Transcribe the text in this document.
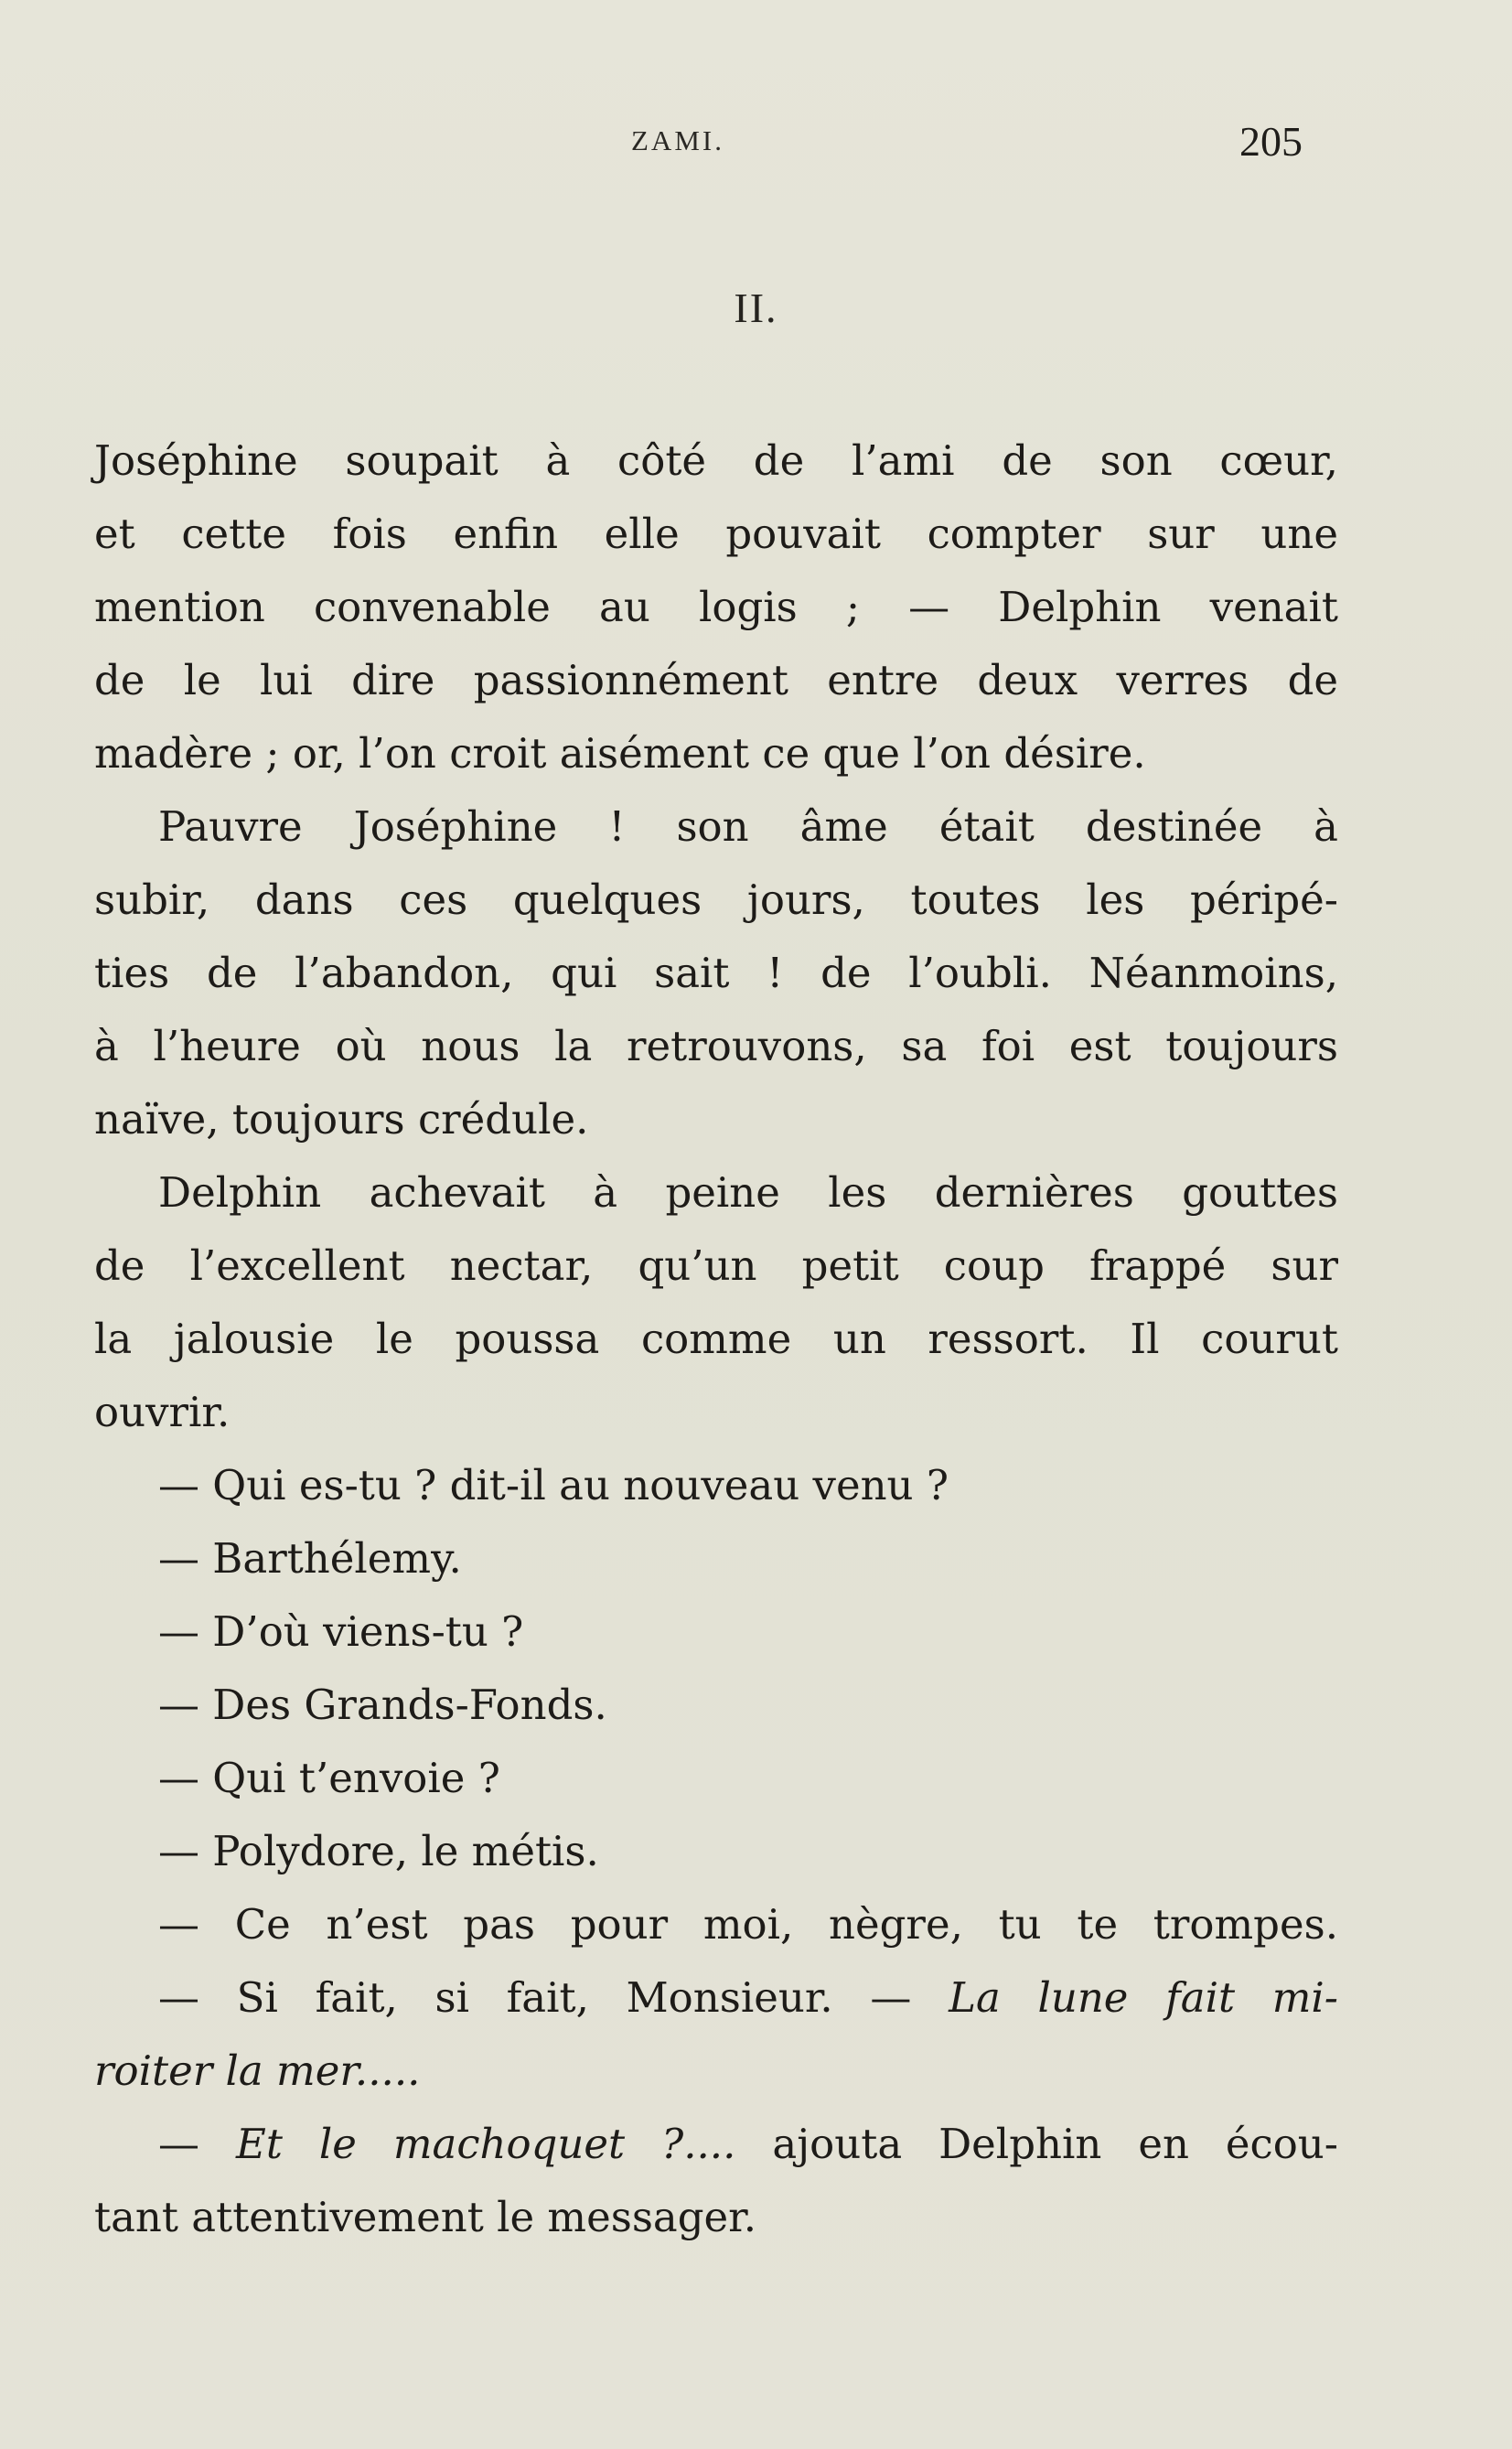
ZAMI.	205
II.
Joséphine soupait à côté de l’ami de son cœur,
et cette fois enfin elle pouvait compter sur une
mention convenable au logis ; — Delphin venait
de le lui dire passionnément entre deux verres de
madère ; or, l’on croit aisément ce que l’on désire.
Pauvre Joséphine ! son âme était destinée à
subir, dans ces quelques jours, toutes les péripé-
ties de l’abandon, qui sait ! de l’oubli. Néanmoins,
à l’heure où nous la retrouvons, sa foi est toujours
naïve, toujours crédule.
Delphin achevait à peine les dernières gouttes
de l’excellent nectar, qu’un petit coup frappé sur
la jalousie le poussa comme un ressort. Il courut
ouvrir.
— Qui es-tu ? dit-il au nouveau venu ?
— Barthélemy.
— D’où viens-tu ?
— Des Grands-Fonds.
— Qui t’envoie ?
— Polydore, le métis.
— Ce n’est pas pour moi, nègre, tu te trompes.
— Si fait, si fait, Monsieur. — La lune fait mi-
roiter la mer.....
— Et le machoquet ?.... ajouta Delphin en écou-
tant attentivement le messager.
